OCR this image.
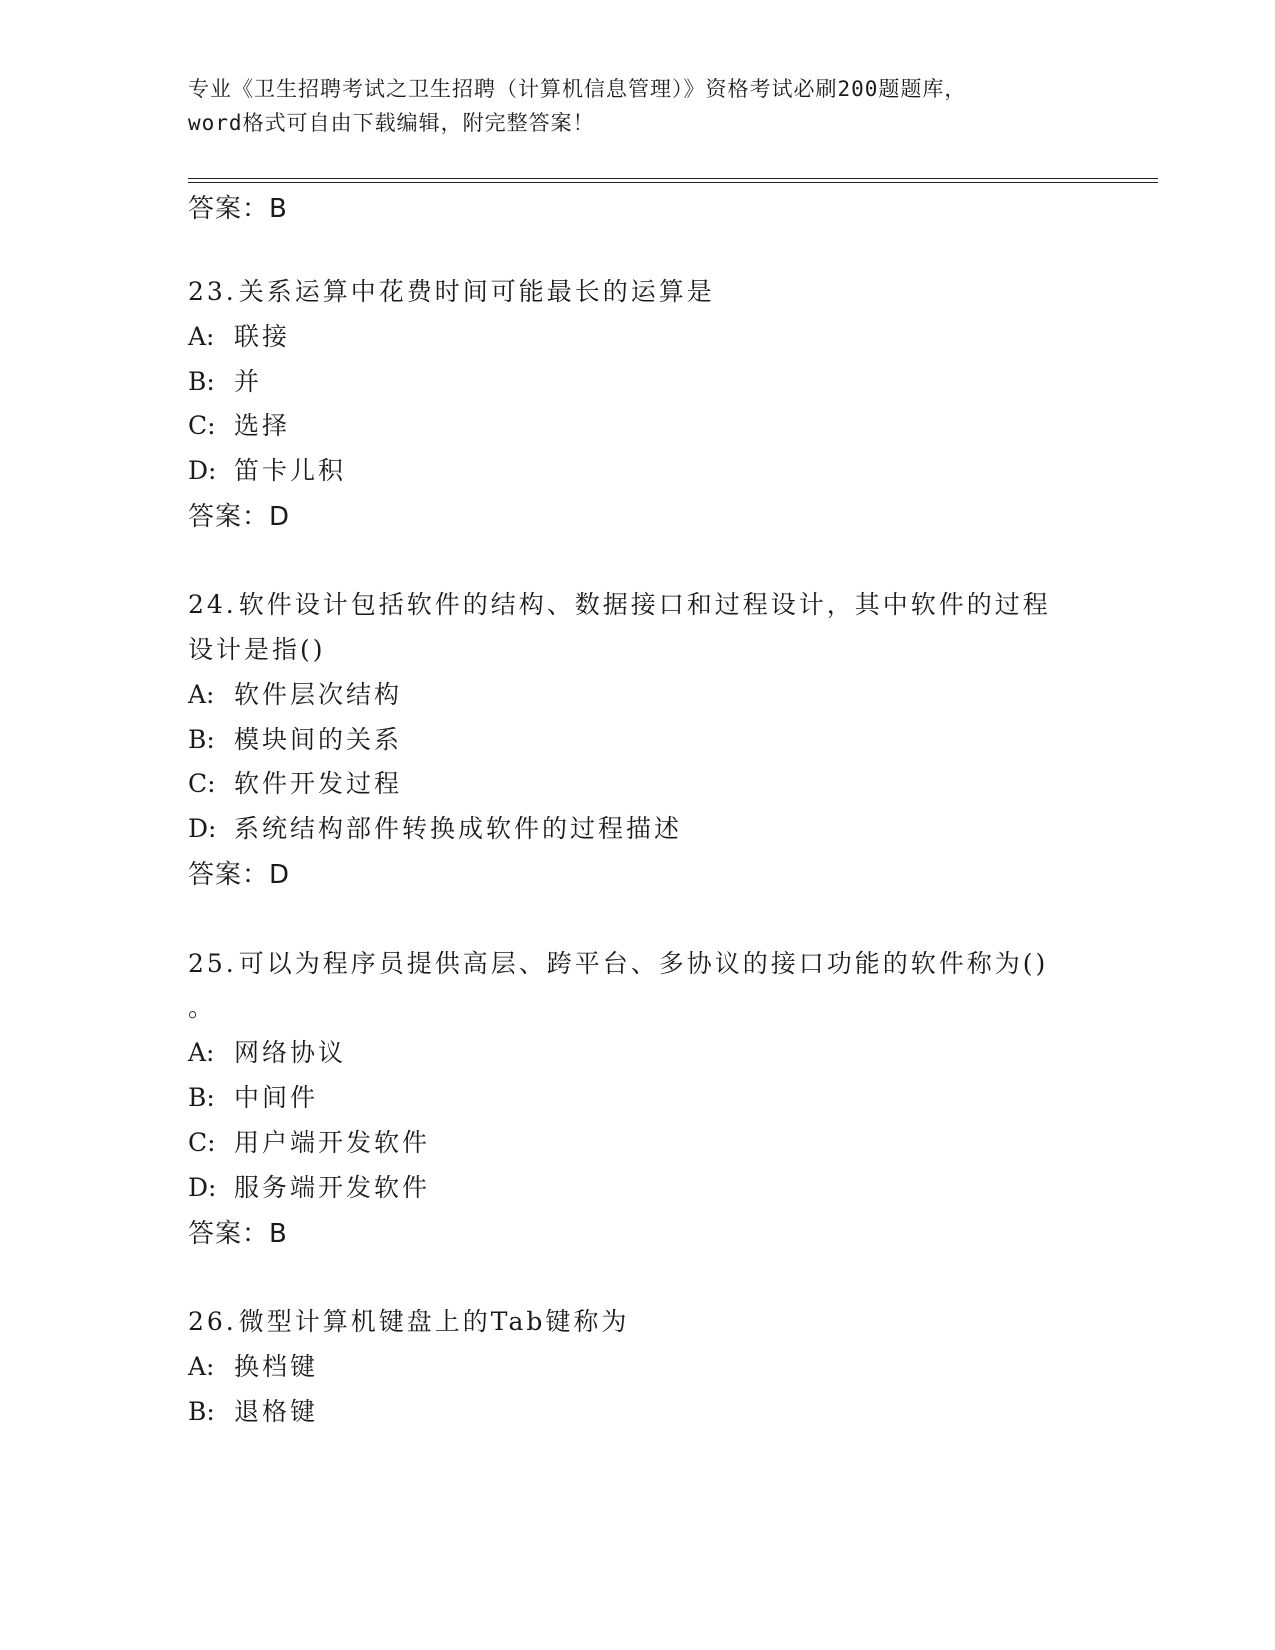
专业《卫生招聘考试之卫生招聘（计算机信息管理）》资格考试必刷200题题库，
word格式可自由下载编辑，附完整答案！
答案：B
23.关系运算中花费时间可能最长的运算是
A: 联接
B: 并
C: 选择
D: 笛卡儿积
答案：D
24.软件设计包括软件的结构、数据接口和过程设计，其中软件的过程
设计是指()
A: 软件层次结构
B: 模块间的关系
C: 软件开发过程
D: 系统结构部件转换成软件的过程描述
答案：D
25.可以为程序员提供高层、跨平台、多协议的接口功能的软件称为()
。
A: 网络协议
B: 中间件
C: 用户端开发软件
D: 服务端开发软件
答案：B
26.微型计算机键盘上的Tab键称为
A: 换档键
B: 退格键
